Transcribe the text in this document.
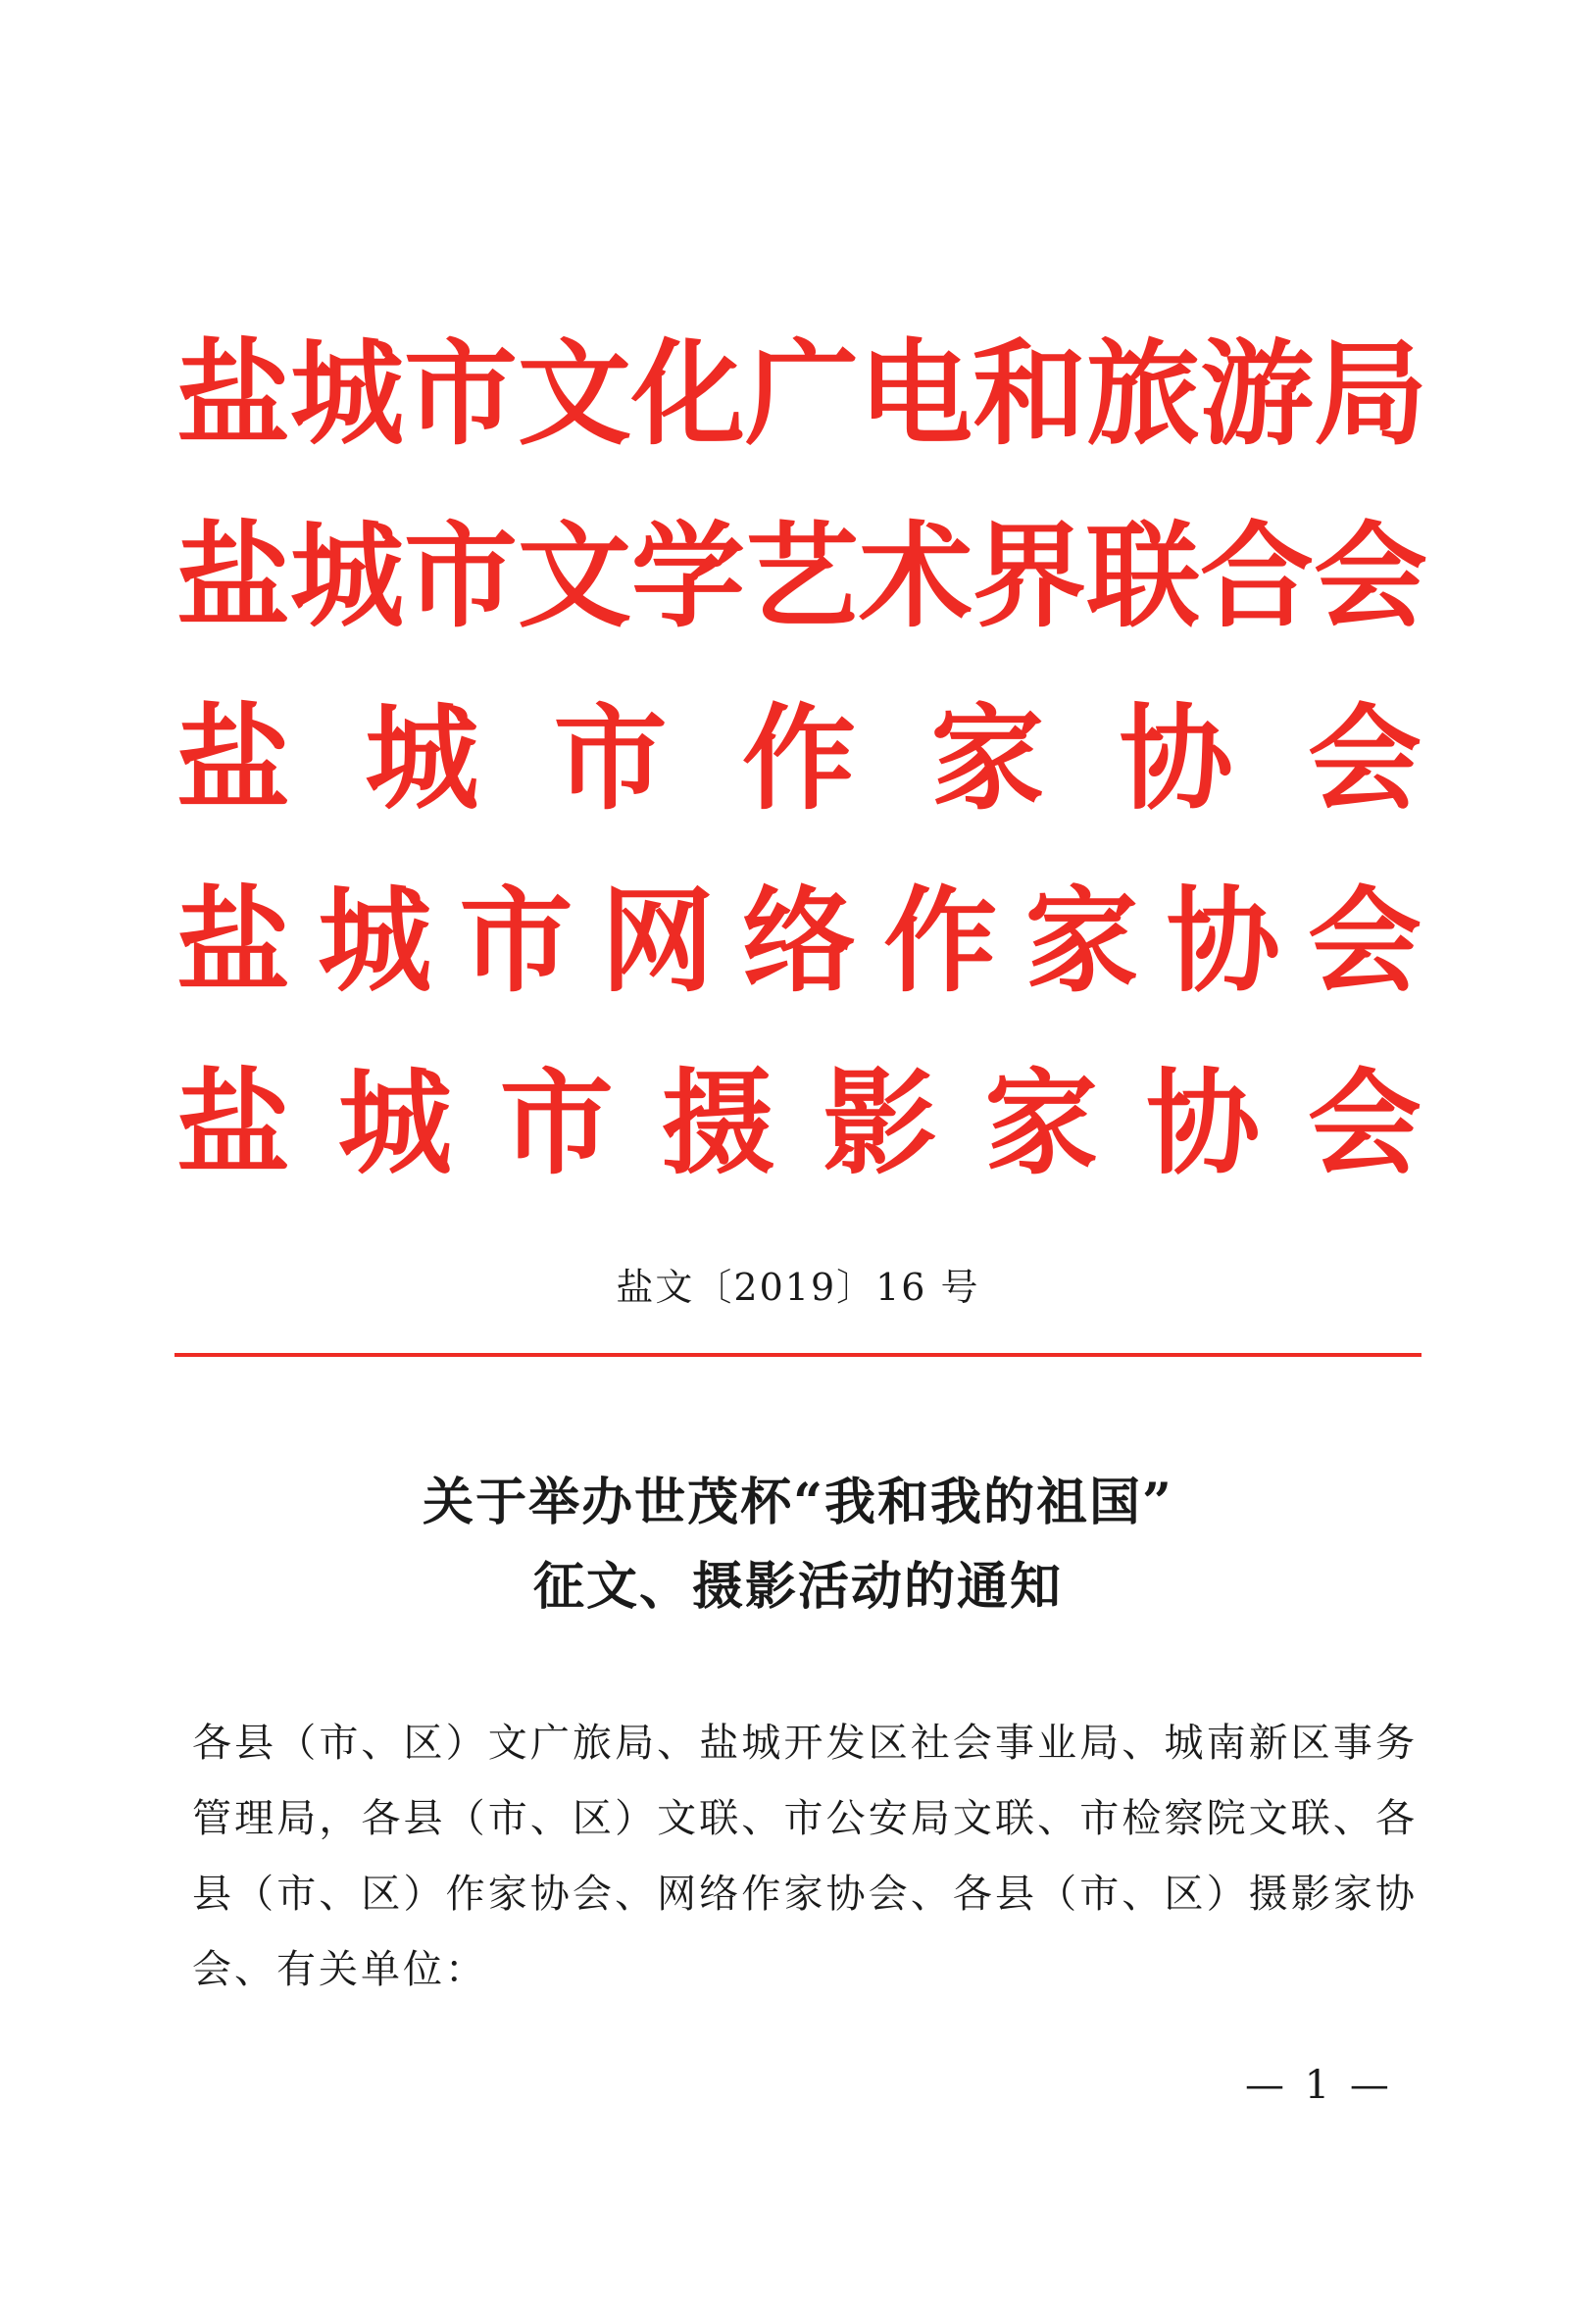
盐 城 市 文 化 广 电 和 旅 游 局
盐 城 市 文 学 艺 术 界 联 合 会
盐 城 市 作 家 协 会
盐 城 市 网 络 作 家 协 会
盐 城 市 摄 影 家 协 会
盐文〔2019〕16 号
关于举办世茂杯“我和我的祖国”
征文、摄影活动的通知
各县（市、区）文广旅局、盐城开发区社会事业局、城南新区事务管理局，各县（市、区）文联、市公安局文联、市检察院文联、各县（市、区）作家协会、网络作家协会、各县（市、区）摄影家协会、有关单位：
— 1 —
